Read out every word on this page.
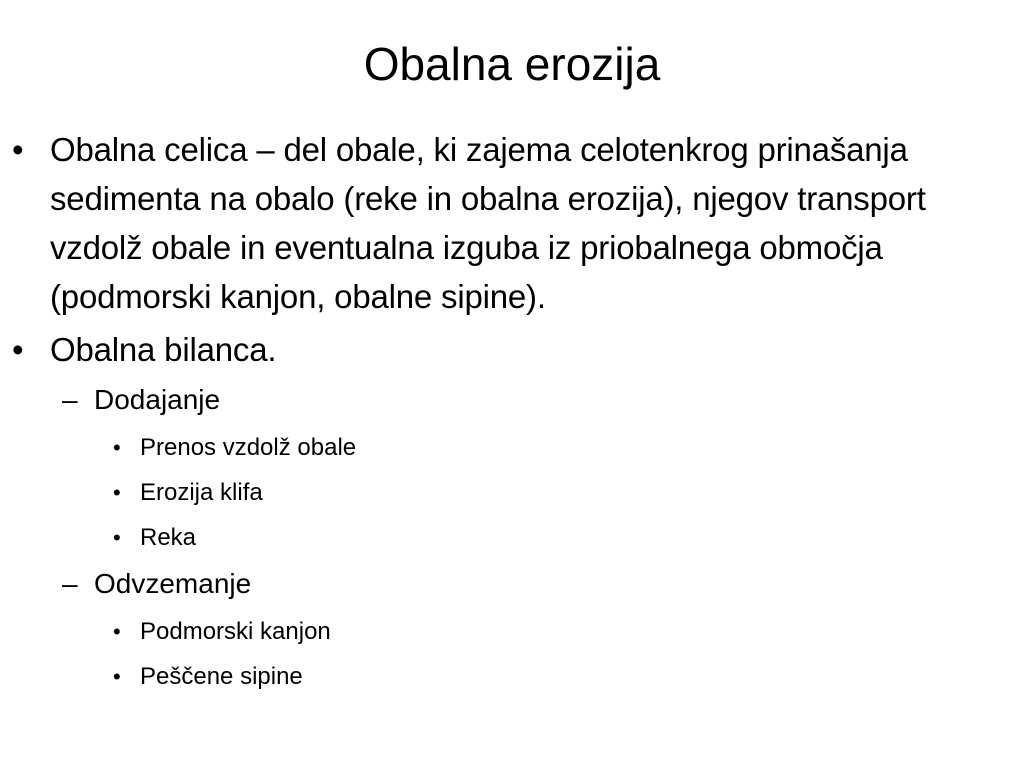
Obalna erozija
• Obalna celica – del obale, ki zajema celotenkrog prinašanja sedimenta na obalo (reke in obalna erozija), njegov transport vzdolž obale in eventualna izguba iz priobalnega območja (podmorski kanjon, obalne sipine).
• Obalna bilanca.
– Dodajanje
• Prenos vzdolž obale
• Erozija klifa
• Reka
– Odvzemanje
• Podmorski kanjon
• Peščene sipine
